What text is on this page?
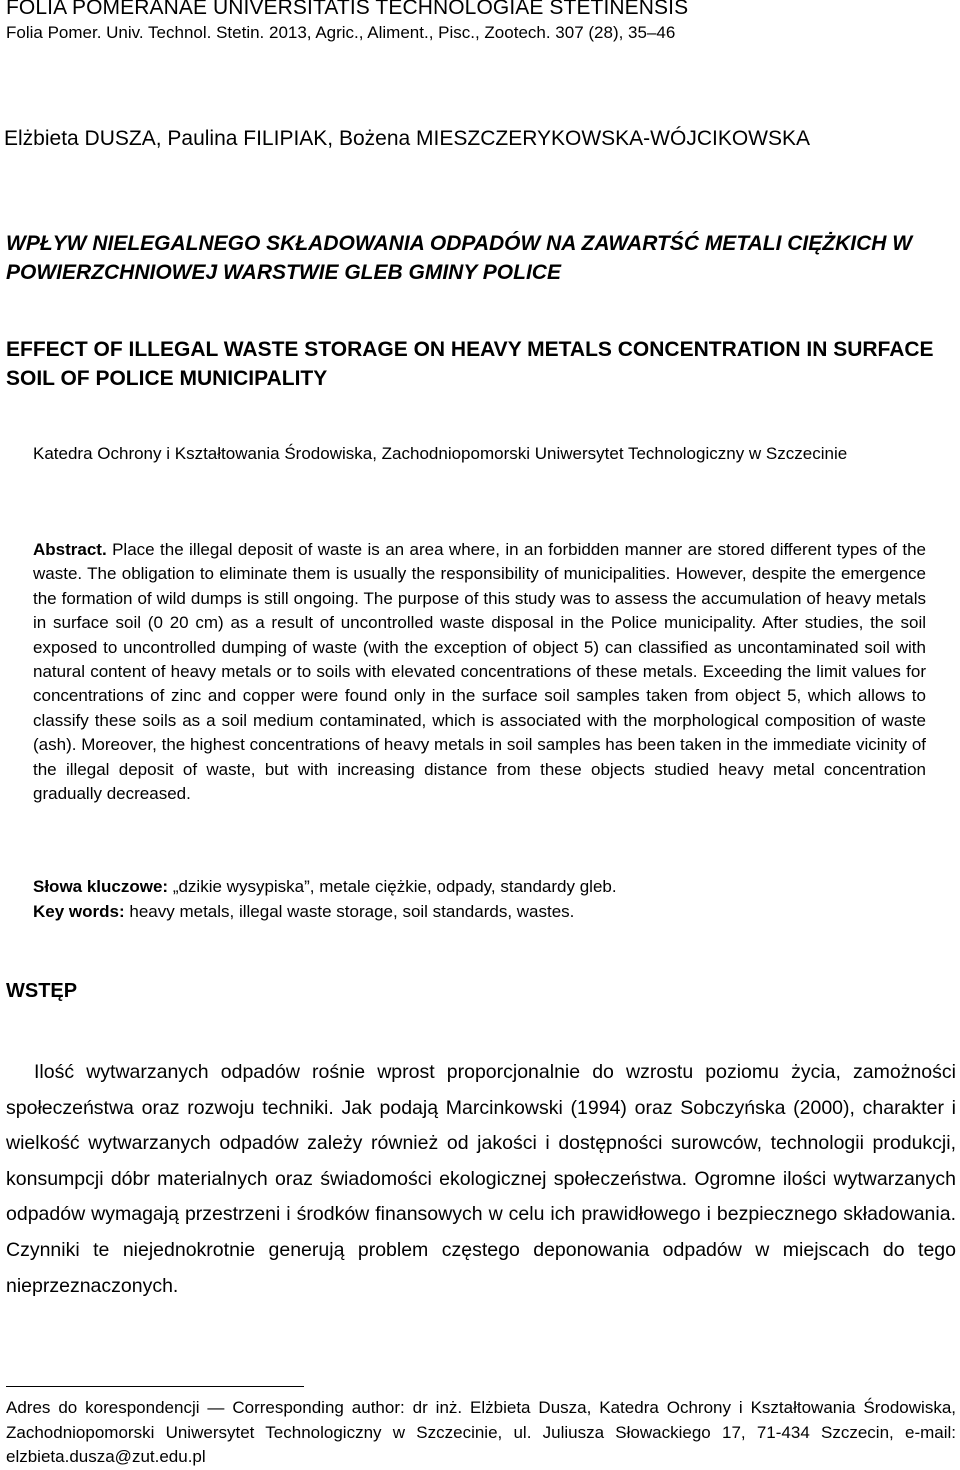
FOLIA POMERANAE UNIVERSITATIS TECHNOLOGIAE STETINENSIS
Folia Pomer. Univ. Technol. Stetin. 2013, Agric., Aliment., Pisc., Zootech. 307 (28), 35–46
Elżbieta DUSZA, Paulina FILIPIAK, Bożena MIESZCZERYKOWSKA-WÓJCIKOWSKA
WPŁYW NIELEGALNEGO SKŁADOWANIA ODPADÓW NA ZAWARTŚĆ METALI CIĘŻKICH W POWIERZCHNIOWEJ WARSTWIE GLEB GMINY POLICE
EFFECT OF ILLEGAL WASTE STORAGE ON HEAVY METALS CONCENTRATION IN SURFACE SOIL OF POLICE MUNICIPALITY
Katedra Ochrony i Kształtowania Środowiska, Zachodniopomorski Uniwersytet Technologiczny w Szczecinie
Abstract. Place the illegal deposit of waste is an area where, in an forbidden manner are stored different types of the waste. The obligation to eliminate them is usually the responsibility of municipalities. However, despite the emergence the formation of wild dumps is still ongoing. The purpose of this study was to assess the accumulation of heavy metals in surface soil (0 20 cm) as a result of uncontrolled waste disposal in the Police municipality. After studies, the soil exposed to uncontrolled dumping of waste (with the exception of object 5) can classified as uncontaminated soil with natural content of heavy metals or to soils with elevated concentrations of these metals. Exceeding the limit values for concentrations of zinc and copper were found only in the surface soil samples taken from object 5, which allows to classify these soils as a soil medium contaminated, which is associated with the morphological composition of waste (ash). Moreover, the highest concentrations of heavy metals in soil samples has been taken in the immediate vicinity of the illegal deposit of waste, but with increasing distance from these objects studied heavy metal concentration gradually decreased.
Słowa kluczowe: „dzikie wysypiska”, metale ciężkie, odpady, standardy gleb.
Key words: heavy metals, illegal waste storage, soil standards, wastes.
WSTĘP
Ilość wytwarzanych odpadów rośnie wprost proporcjonalnie do wzrostu poziomu życia, zamożności społeczeństwa oraz rozwoju techniki. Jak podają Marcinkowski (1994) oraz Sobczyńska (2000), charakter i wielkość wytwarzanych odpadów zależy również od jakości i dostępności surowców, technologii produkcji, konsumpcji dóbr materialnych oraz świadomości ekologicznej społeczeństwa. Ogromne ilości wytwarzanych odpadów wymagają przestrzeni i środków finansowych w celu ich prawidłowego i bezpiecznego składowania. Czynniki te niejednokrotnie generują problem częstego deponowania odpadów w miejscach do tego nieprzeznaczonych.
Adres do korespondencji — Corresponding author: dr inż. Elżbieta Dusza, Katedra Ochrony i Kształtowania Środowiska, Zachodniopomorski Uniwersytet Technologiczny w Szczecinie, ul. Juliusza Słowackiego 17, 71-434 Szczecin, e-mail: elzbieta.dusza@zut.edu.pl
